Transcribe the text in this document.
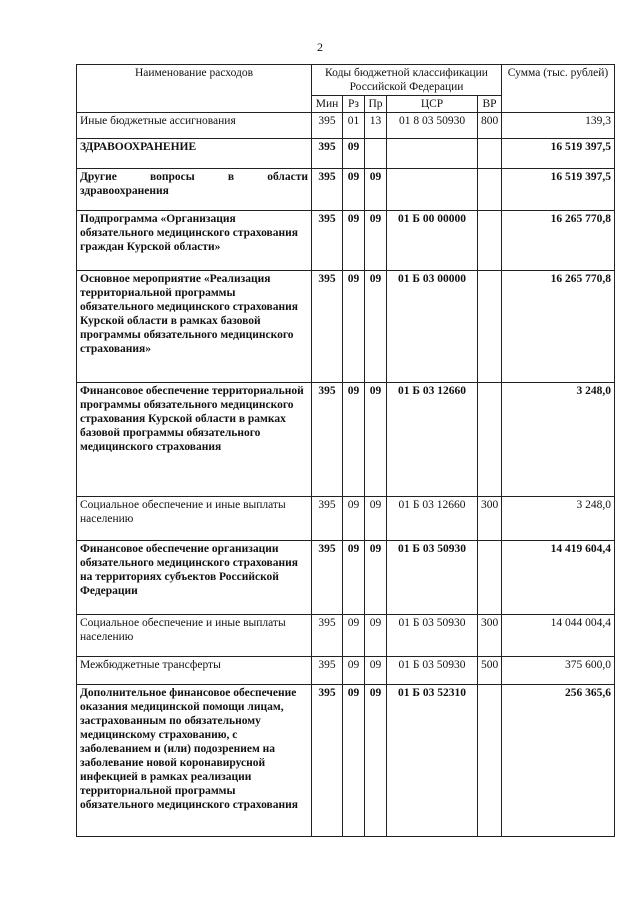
2
Наименование расходов	Коды бюджетной классификации Российской Федерации					Сумма (тыс. рублей)
	Мин	Рз	Пр	ЦСР	ВР	
Иные бюджетные ассигнования	395	01	13	01 8 03 50930	800	139,3
ЗДРАВООХРАНЕНИЕ	395	09				16 519 397,5
Другие вопросы в области здравоохранения	395	09	09			16 519 397,5
Подпрограмма «Организация обязательного медицинского страхования граждан Курской области»	395	09	09	01 Б 00 00000		16 265 770,8
Основное мероприятие «Реализация территориальной программы обязательного медицинского страхования Курской области в рамках базовой программы обязательного медицинского страхования»	395	09	09	01 Б 03 00000		16 265 770,8
Финансовое обеспечение территориальной программы обязательного медицинского страхования Курской области в рамках базовой программы обязательного медицинского страхования	395	09	09	01 Б 03 12660		3 248,0
Социальное обеспечение и иные выплаты населению	395	09	09	01 Б 03 12660	300	3 248,0
Финансовое обеспечение организации обязательного медицинского страхования на территориях субъектов Российской Федерации	395	09	09	01 Б 03 50930		14 419 604,4
Социальное обеспечение и иные выплаты населению	395	09	09	01 Б 03 50930	300	14 044 004,4
Межбюджетные трансферты	395	09	09	01 Б 03 50930	500	375 600,0
Дополнительное финансовое обеспечение оказания медицинской помощи лицам, застрахованным по обязательному медицинскому страхованию, с заболеванием и (или) подозрением на заболевание новой коронавирусной инфекцией в рамках реализации территориальной программы обязательного медицинского страхования	395	09	09	01 Б 03 52310		256 365,6
